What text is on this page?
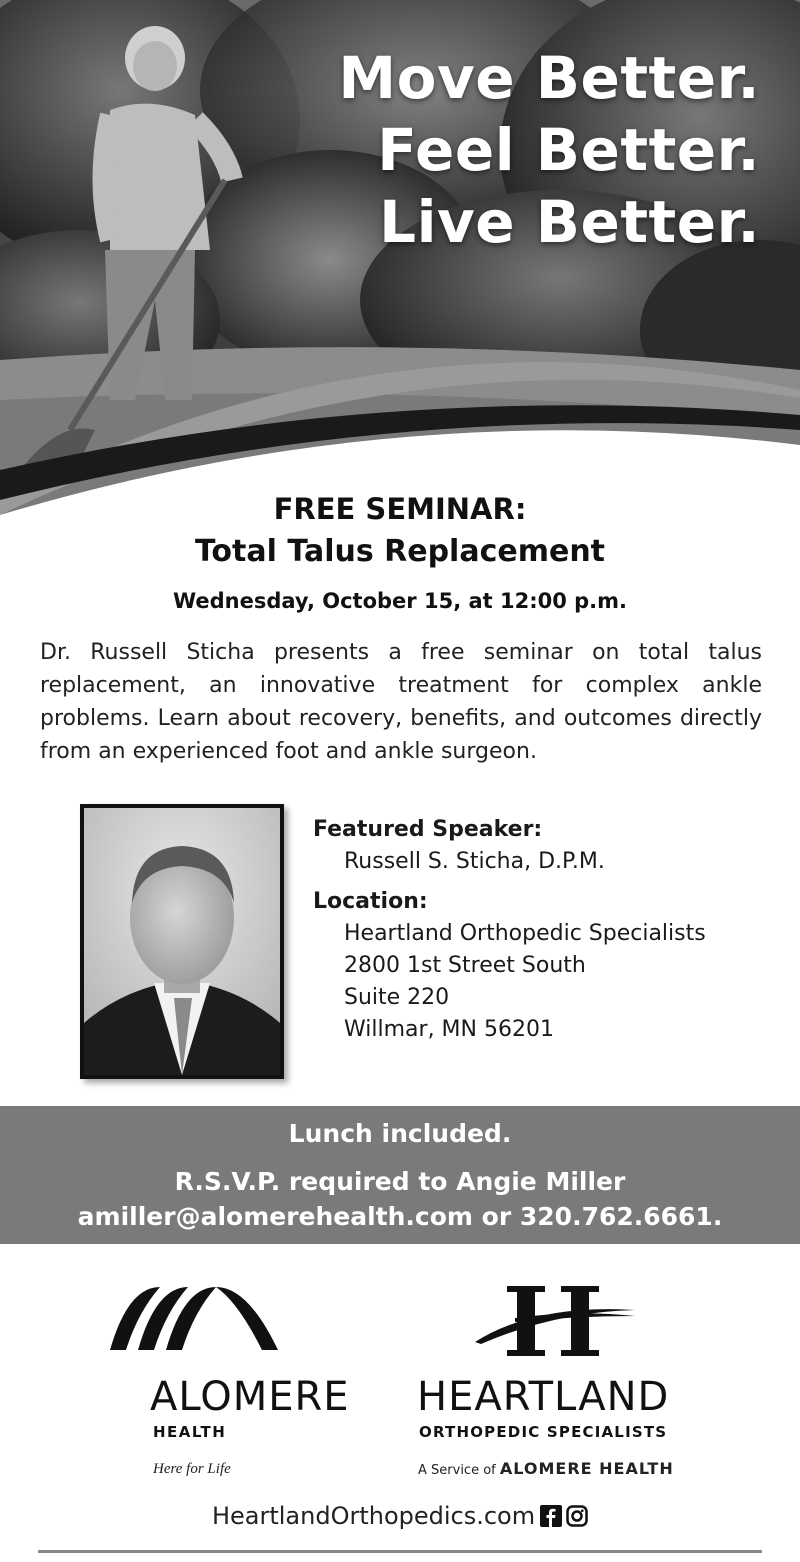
Move Better.
Feel Better.
Live Better.
FREE SEMINAR:
Total Talus Replacement
Wednesday, October 15, at 12:00 p.m.
Dr. Russell Sticha presents a free seminar on total talus replacement, an innovative treatment for complex ankle problems. Learn about recovery, benefits, and outcomes directly from an experienced foot and ankle surgeon.
Featured Speaker:
Russell S. Sticha, D.P.M.
Location:
Heartland Orthopedic Specialists
2800 1st Street South
Suite 220
Willmar, MN 56201
Lunch included.
R.S.V.P. required to Angie Miller
amiller@alomerehealth.com or 320.762.6661.
ALOMERE
HEALTH
Here for Life
HEARTLAND
ORTHOPEDIC SPECIALISTS
A Service of ALOMERE HEALTH
HeartlandOrthopedics.com
